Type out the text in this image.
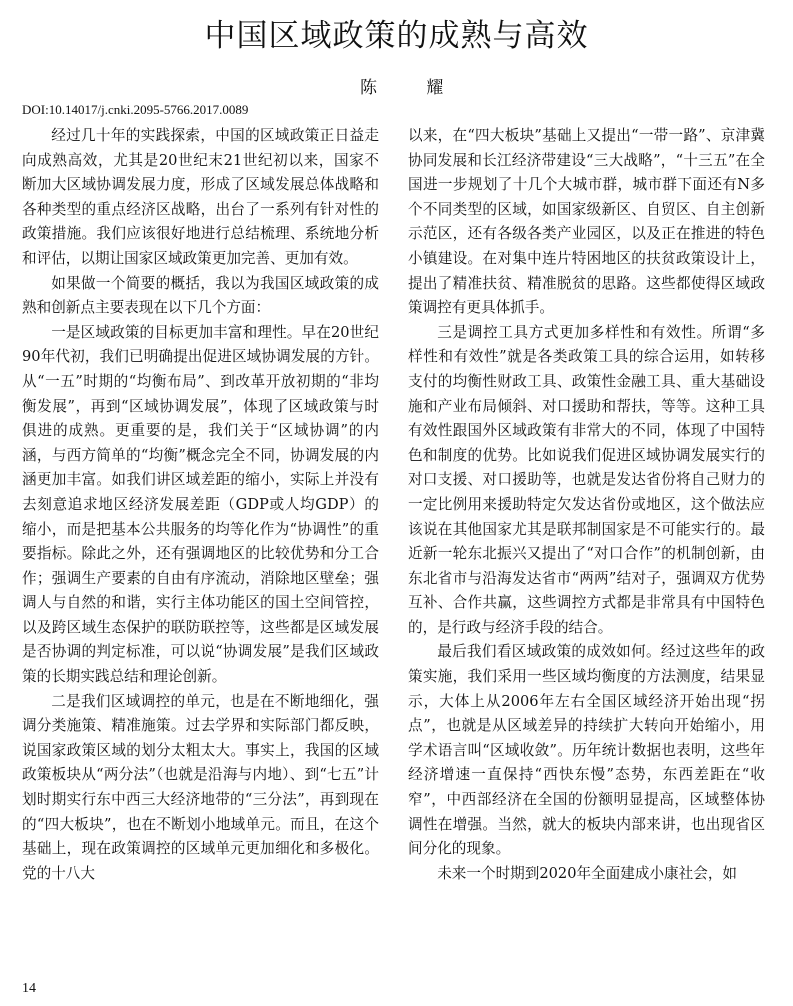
中国区域政策的成熟与高效
陈 耀
DOI:10.14017/j.cnki.2095-5766.2017.0089

经过几十年的实践探索，中国的区域政策正日益走向成熟高效，尤其是20世纪末21世纪初以来，国家不断加大区域协调发展力度，形成了区域发展总体战略和各种类型的重点经济区战略，出台了一系列有针对性的政策措施。我们应该很好地进行总结梳理、系统地分析和评估，以期让国家区域政策更加完善、更加有效。

如果做一个简要的概括，我以为我国区域政策的成熟和创新点主要表现在以下几个方面：

一是区域政策的目标更加丰富和理性。早在20世纪90年代初，我们已明确提出促进区域协调发展的方针。从“一五”时期的“均衡布局”、到改革开放初期的“非均衡发展”，再到“区域协调发展”，体现了区域政策与时俱进的成熟。更重要的是，我们关于“区域协调”的内涵，与西方简单的“均衡”概念完全不同，协调发展的内涵更加丰富。如我们讲区域差距的缩小，实际上并没有去刻意追求地区经济发展差距（GDP或人均GDP）的缩小，而是把基本公共服务的均等化作为“协调性”的重要指标。除此之外，还有强调地区的比较优势和分工合作；强调生产要素的自由有序流动，消除地区壁垒；强调人与自然的和谐，实行主体功能区的国土空间管控，以及跨区域生态保护的联防联控等，这些都是区域发展是否协调的判定标准，可以说“协调发展”是我们区域政策的长期实践总结和理论创新。

二是我们区域调控的单元，也是在不断地细化，强调分类施策、精准施策。过去学界和实际部门都反映，说国家政策区域的划分太粗太大。事实上，我国的区域政策板块从“两分法”（也就是沿海与内地）、到“七五”计划时期实行东中西三大经济地带的“三分法”，再到现在的“四大板块”，也在不断划小地域单元。而且，在这个基础上，现在政策调控的区域单元更加细化和多极化。党的十八大

以来，在“四大板块”基础上又提出“一带一路”、京津冀协同发展和长江经济带建设“三大战略”，“十三五”在全国进一步规划了十几个大城市群，城市群下面还有N多个不同类型的区域，如国家级新区、自贸区、自主创新示范区，还有各级各类产业园区，以及正在推进的特色小镇建设。在对集中连片特困地区的扶贫政策设计上，提出了精准扶贫、精准脱贫的思路。这些都使得区域政策调控有更具体抓手。

三是调控工具方式更加多样性和有效性。所谓“多样性和有效性”就是各类政策工具的综合运用，如转移支付的均衡性财政工具、政策性金融工具、重大基础设施和产业布局倾斜、对口援助和帮扶，等等。这种工具有效性跟国外区域政策有非常大的不同，体现了中国特色和制度的优势。比如说我们促进区域协调发展实行的对口支援、对口援助等，也就是发达省份将自己财力的一定比例用来援助特定欠发达省份或地区，这个做法应该说在其他国家尤其是联邦制国家是不可能实行的。最近新一轮东北振兴又提出了“对口合作”的机制创新，由东北省市与沿海发达省市“两两”结对子，强调双方优势互补、合作共赢，这些调控方式都是非常具有中国特色的，是行政与经济手段的结合。

最后我们看区域政策的成效如何。经过这些年的政策实施，我们采用一些区域均衡度的方法测度，结果显示，大体上从2006年左右全国区域经济开始出现“拐点”，也就是从区域差异的持续扩大转向开始缩小，用学术语言叫“区域收敛”。历年统计数据也表明，这些年经济增速一直保持“西快东慢”态势，东西差距在“收窄”，中西部经济在全国的份额明显提高，区域整体协调性在增强。当然，就大的板块内部来讲，也出现省区间分化的现象。

未来一个时期到2020年全面建成小康社会，如

14
